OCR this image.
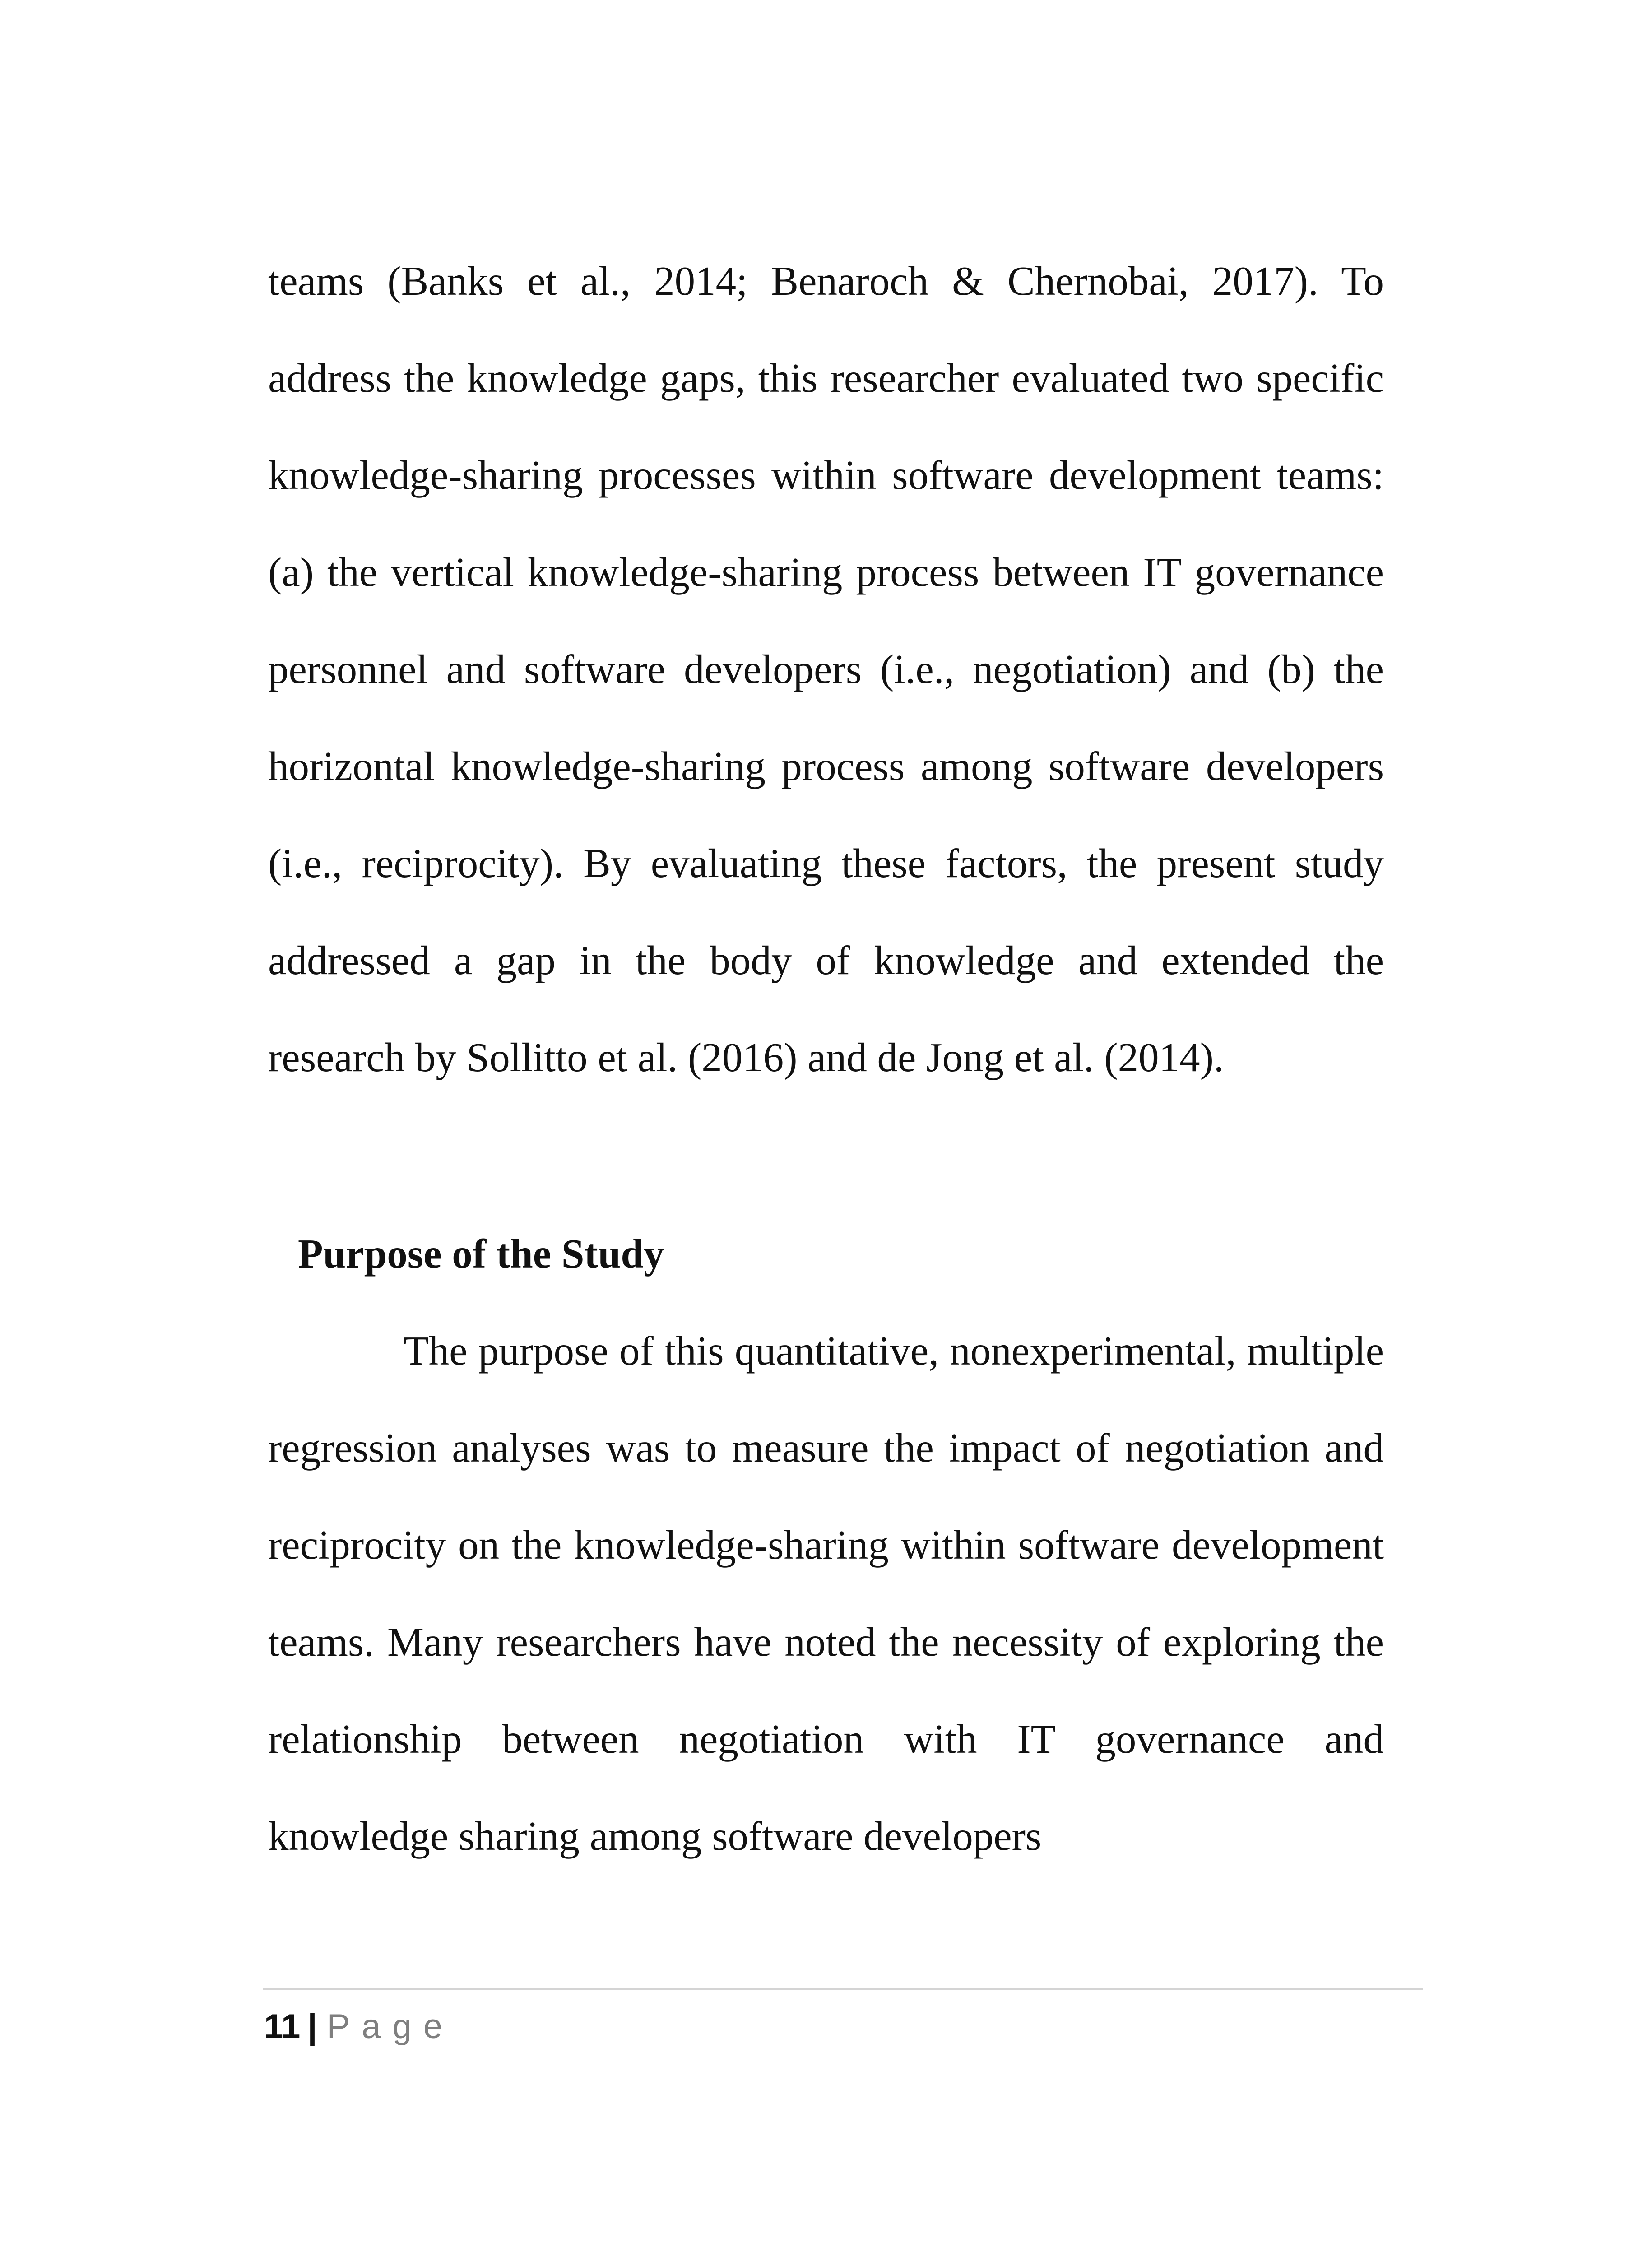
teams (Banks et al., 2014; Benaroch & Chernobai, 2017). To address the knowledge gaps, this researcher evaluated two specific knowledge-sharing processes within software development teams: (a) the vertical knowledge-sharing process between IT governance personnel and software developers (i.e., negotiation) and (b) the horizontal knowledge-sharing process among software developers (i.e., reciprocity). By evaluating these factors, the present study addressed a gap in the body of knowledge and extended the research by Sollitto et al. (2016) and de Jong et al. (2014).

Purpose of the Study

The purpose of this quantitative, nonexperimental, multiple regression analyses was to measure the impact of negotiation and reciprocity on the knowledge-sharing within software development teams. Many researchers have noted the necessity of exploring the relationship between negotiation with IT governance and knowledge sharing among software developers

11 | Page
